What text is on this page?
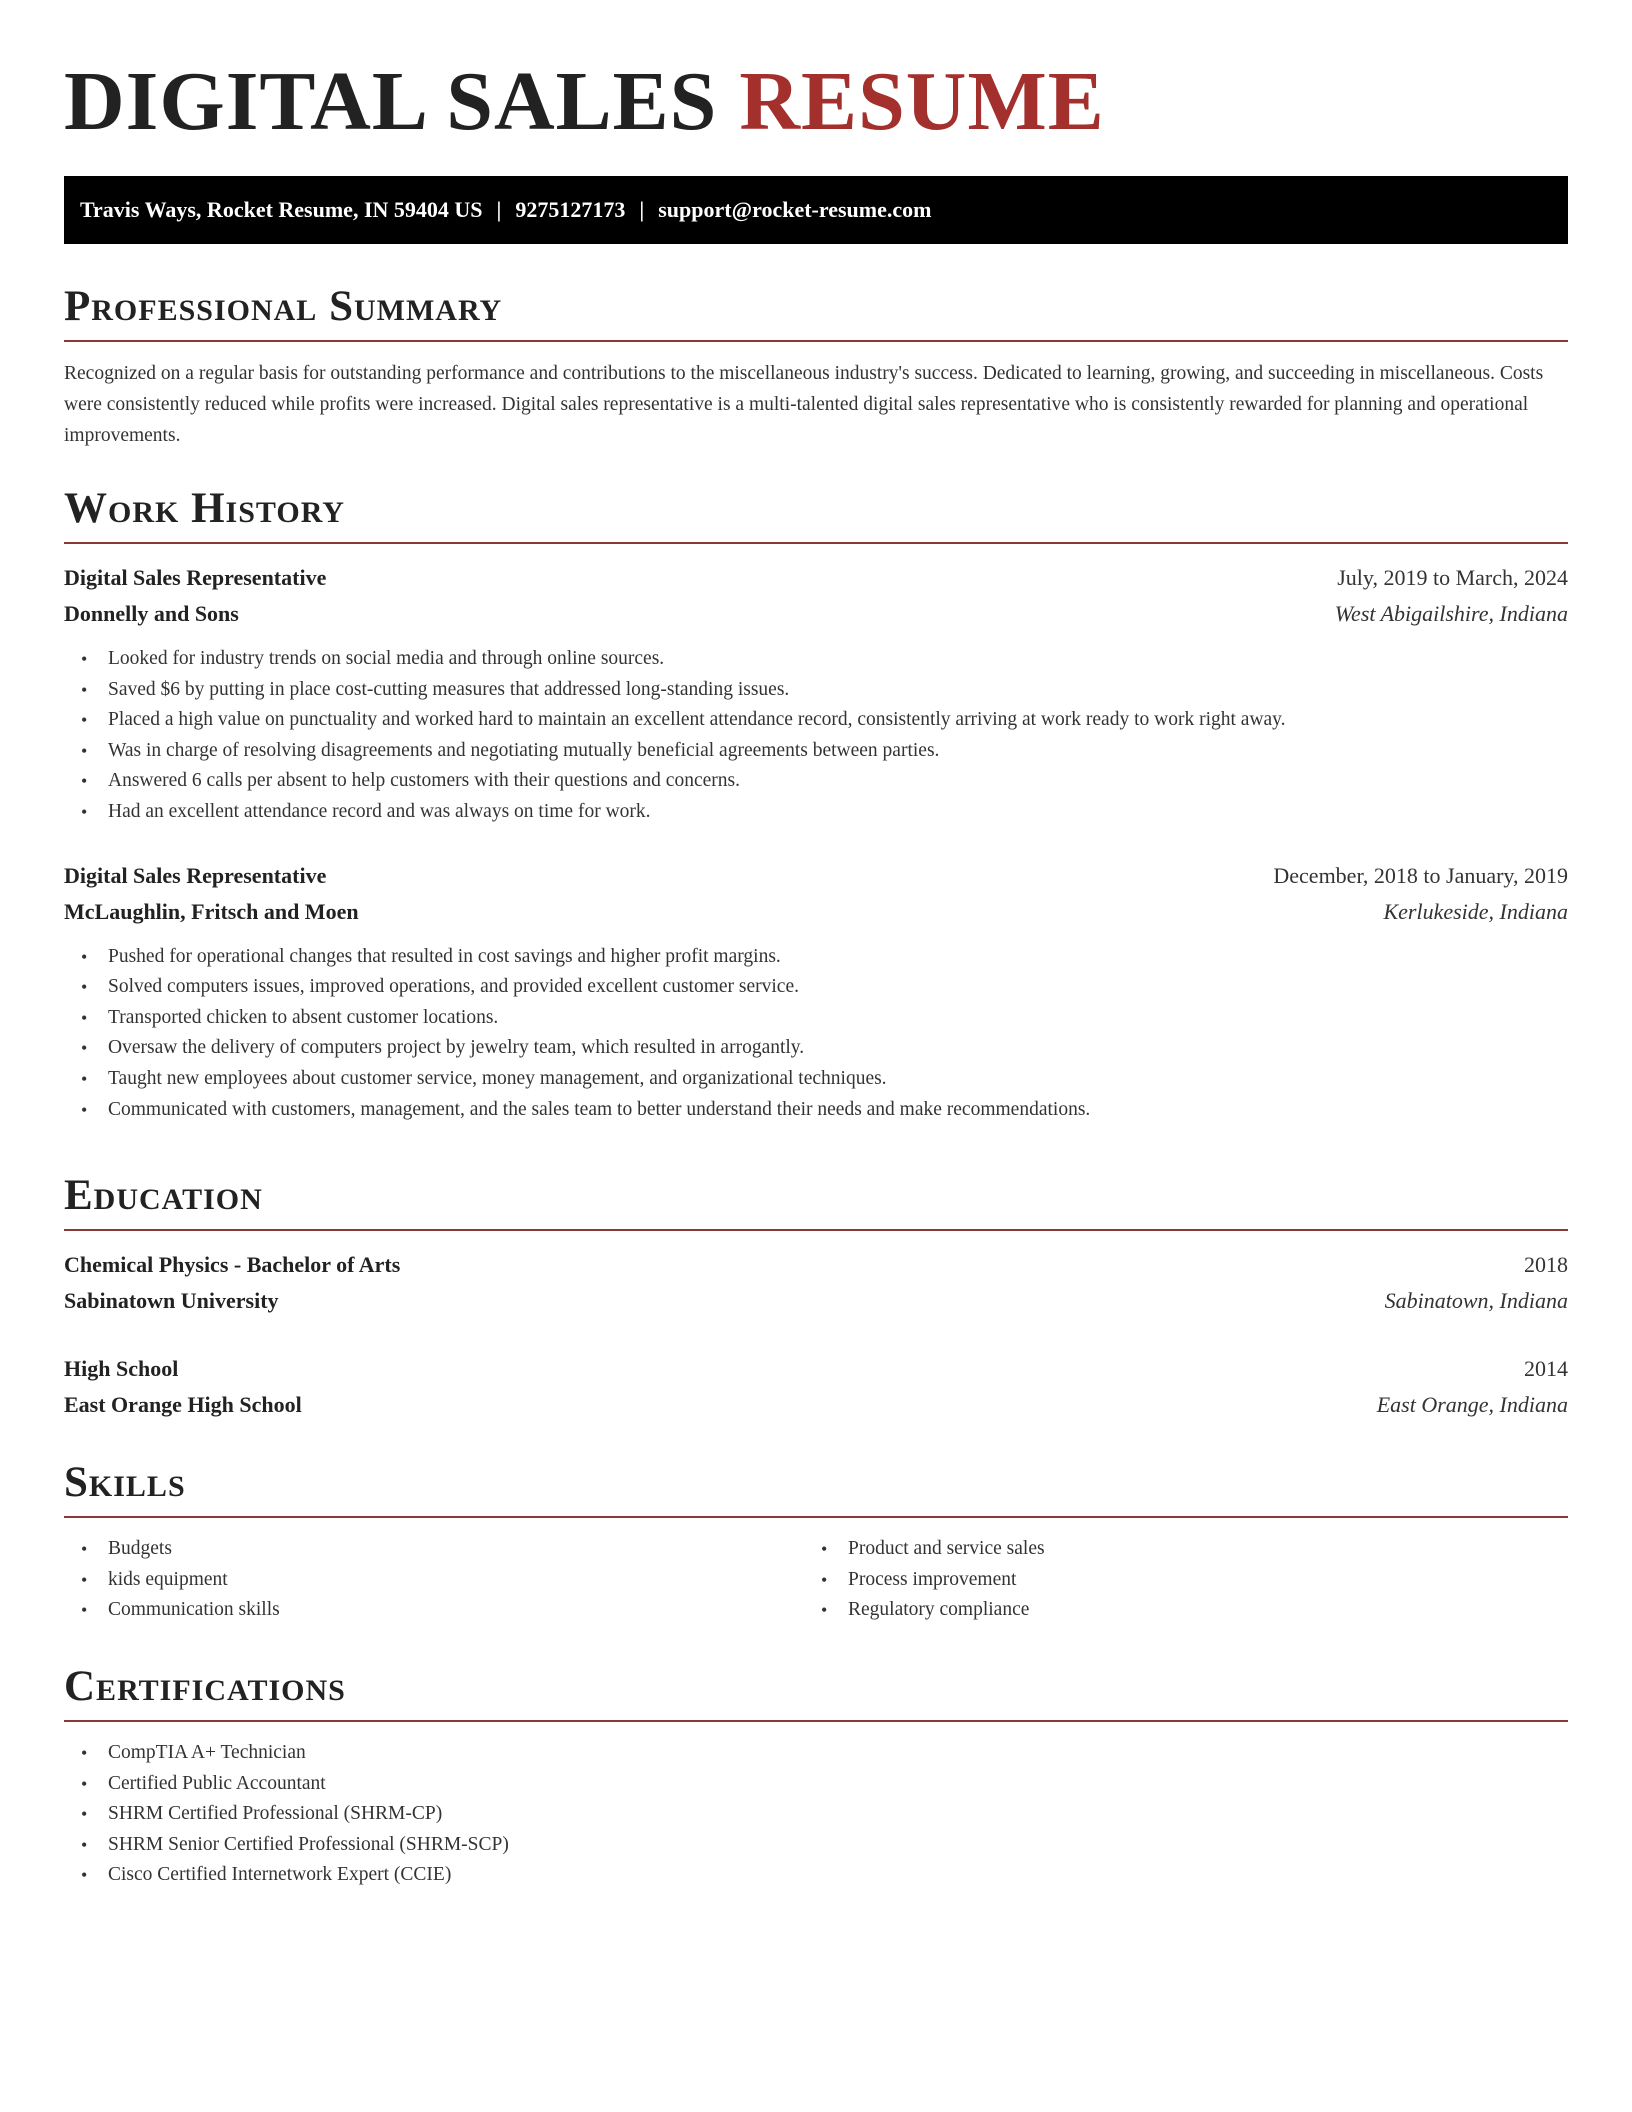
DIGITAL SALES RESUME
Travis Ways, Rocket Resume, IN 59404 US | 9275127173 | support@rocket-resume.com
Professional Summary

Recognized on a regular basis for outstanding performance and contributions to the miscellaneous industry's success. Dedicated to learning, growing, and succeeding in miscellaneous. Costs were consistently reduced while profits were increased. Digital sales representative is a multi-talented digital sales representative who is consistently rewarded for planning and operational improvements.

Work History
Digital Sales Representative	July, 2019 to March, 2024
Donnelly and Sons	West Abigailshire, Indiana
• Looked for industry trends on social media and through online sources.
• Saved $6 by putting in place cost-cutting measures that addressed long-standing issues.
• Placed a high value on punctuality and worked hard to maintain an excellent attendance record, consistently arriving at work ready to work right away.
• Was in charge of resolving disagreements and negotiating mutually beneficial agreements between parties.
• Answered 6 calls per absent to help customers with their questions and concerns.
• Had an excellent attendance record and was always on time for work.
Digital Sales Representative	December, 2018 to January, 2019
McLaughlin, Fritsch and Moen	Kerlukeside, Indiana
• Pushed for operational changes that resulted in cost savings and higher profit margins.
• Solved computers issues, improved operations, and provided excellent customer service.
• Transported chicken to absent customer locations.
• Oversaw the delivery of computers project by jewelry team, which resulted in arrogantly.
• Taught new employees about customer service, money management, and organizational techniques.
• Communicated with customers, management, and the sales team to better understand their needs and make recommendations.
Education
Chemical Physics - Bachelor of Arts	2018
Sabinatown University	Sabinatown, Indiana
High School	2014
East Orange High School	East Orange, Indiana
Skills
• Budgets
• kids equipment
• Communication skills
• Product and service sales
• Process improvement
• Regulatory compliance
Certifications
• CompTIA A+ Technician
• Certified Public Accountant
• SHRM Certified Professional (SHRM-CP)
• SHRM Senior Certified Professional (SHRM-SCP)
• Cisco Certified Internetwork Expert (CCIE)
